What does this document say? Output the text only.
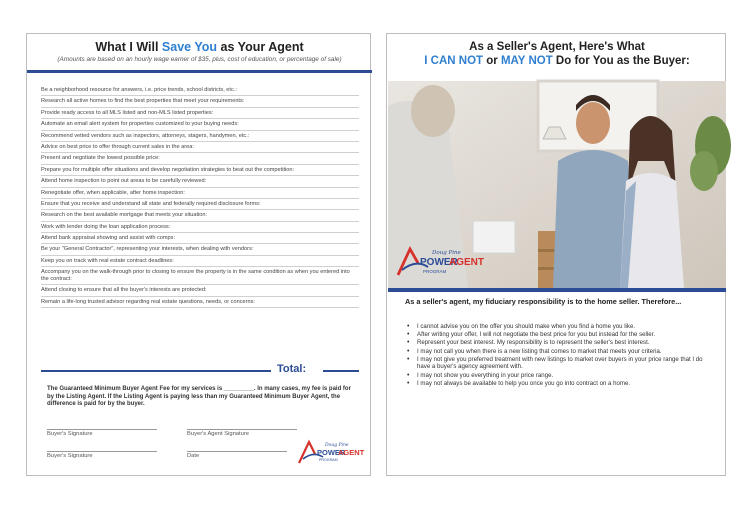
What I Will Save You as Your Agent
(Amounts are based on an hourly wage earner of $35, plus, cost of education, or percentage of sale)
Be a neighborhood resource for answers, i.e. price trends, school districts, etc.:
Research all active homes to find the best properties that meet your requirements:
Provide ready access to all MLS listed and non-MLS listed properties:
Automate an email alert system for properties customized to your buying needs:
Recommend vetted vendors such as inspectors, attorneys, stagers, handymen, etc.:
Advice on best price to offer through current sales in the area:
Present and negotiate the lowest possible price:
Prepare you for multiple offer situations and develop negotiation strategies to beat out the competition:
Attend home inspection to point out areas to be carefully reviewed:
Renegotiate offer, when applicable, after home inspection:
Ensure that you receive and understand all state and federally required disclosure forms:
Research on the best available mortgage that meets your situation:
Work with lender doing the loan application process:
Attend bank appraisal showing and assist with comps:
Be your "General Contractor", representing your interests, when dealing with vendors:
Keep you on track with real estate contract deadlines:
Accompany you on the walk-through prior to closing to ensure the property is in the same condition as when you entered into the contract:
Attend closing to ensure that all the buyer's interests are protected:
Remain a life-long trusted advisor regarding real estate questions, needs, or concerns:
Total:
The Guaranteed Minimum Buyer Agent Fee for my services is _________. In many cases, my fee is paid for by the Listing Agent. If the Listing Agent is paying less than my Guaranteed Minimum Buyer Agent, the difference is paid for by the buyer.
Buyer's Signature	Buyer's Agent Signature
Buyer's Signature	Date
Doug Pine
POWER
AGENT
PROGRAM
As a Seller's Agent, Here's What
I CAN NOT or MAY NOT Do for You as the Buyer:
Doug Pine
POWER
AGENT
PROGRAM
As a seller's agent, my fiduciary responsibility is to the home seller. Therefore...
• I cannot advise you on the offer you should make when you find a home you like.
• After writing your offer, I will not negotiate the best price for you but instead for the seller.
• Represent your best interest. My responsibility is to represent the seller's best interest.
• I may not call you when there is a new listing that comes to market that meets your criteria.
• I may not give you preferred treatment with new listings to market over buyers in your price range that I do have a buyer's agency agreement with.
• I may not show you everything in your price range.
• I may not always be available to help you once you go into contract on a home.
